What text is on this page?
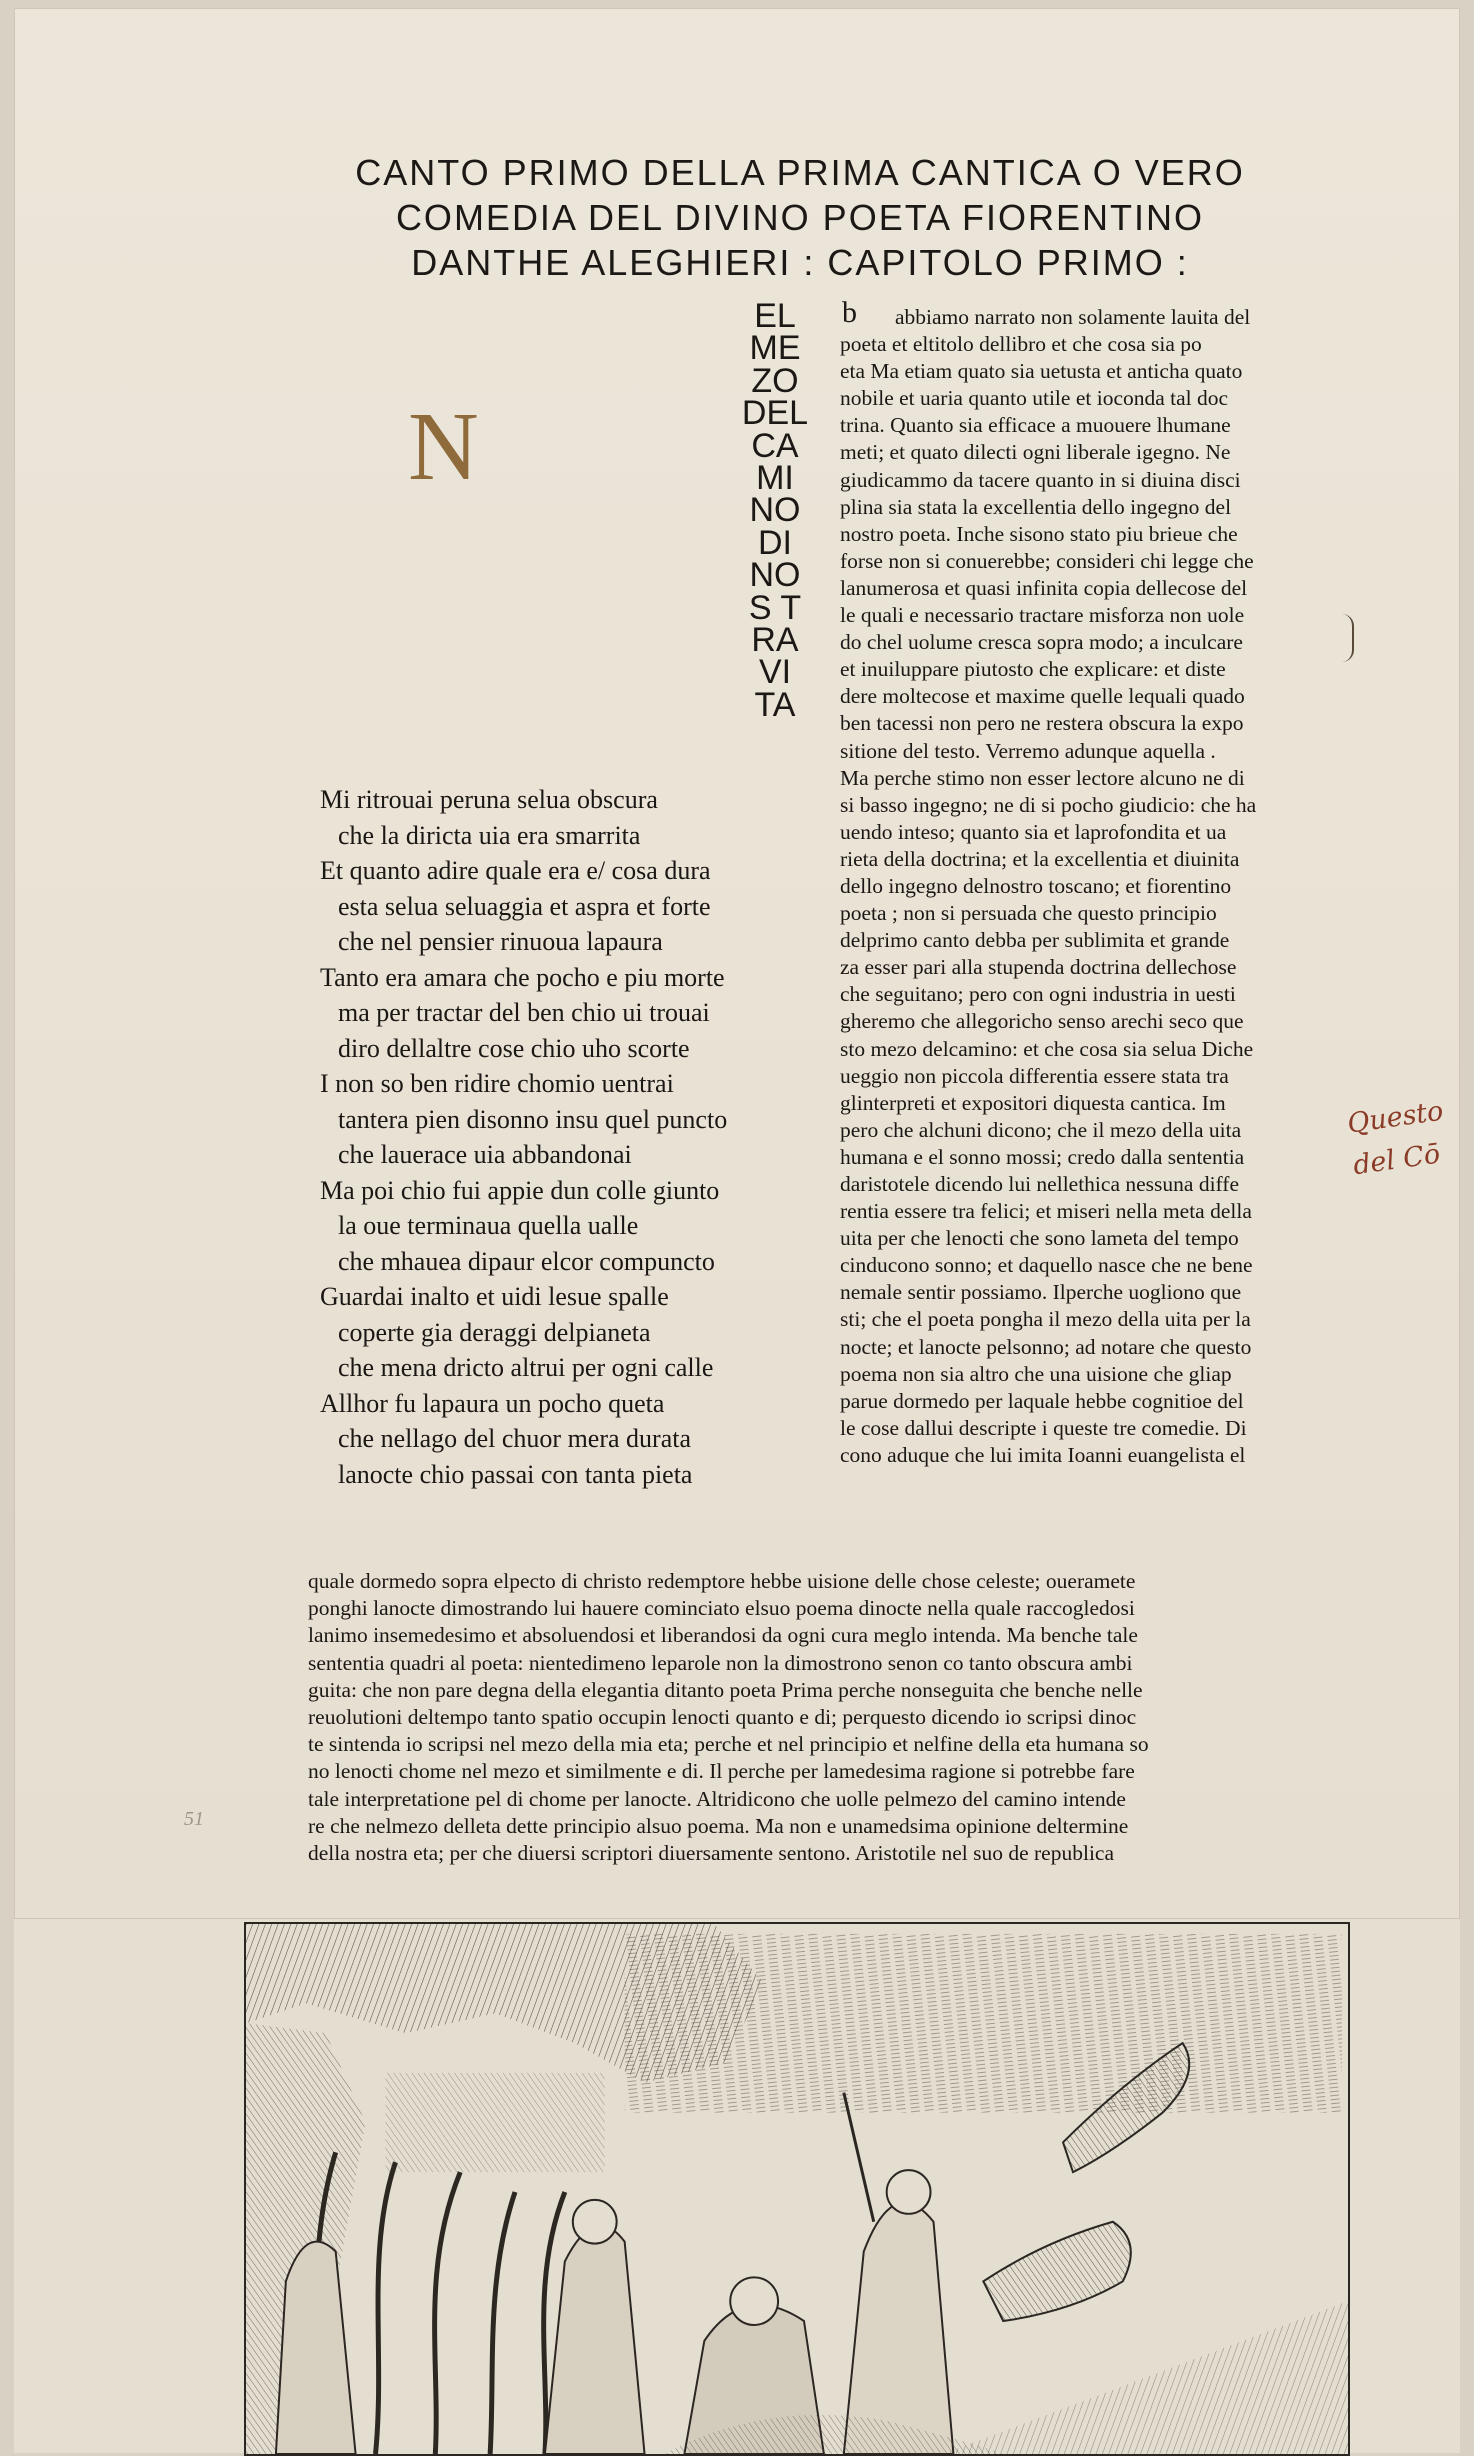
CANTO PRIMO DELLA PRIMA CANTICA O VERO
COMEDIA DEL DIVINO POETA FIORENTINO
DANTHE ALEGHIERI : CAPITOLO PRIMO :
N
EL
ME
ZO
DEL
CA
MI
NO
DI
NO
S T
RA
VI
TA
Mi ritrouai peruna selua obscura
che la diricta uia era smarrita
Et quanto adire quale era e/ cosa dura
esta selua seluaggia et aspra et forte
che nel pensier rinuoua lapaura
Tanto era amara che pocho e piu morte
ma per tractar del ben chio ui trouai
diro dellaltre cose chio uho scorte
I non so ben ridire chomio uentrai
tantera pien disonno insu quel puncto
che lauerace uia abbandonai
Ma poi chio fui appie dun colle giunto
la oue terminaua quella ualle
che mhauea dipaur elcor compuncto
Guardai inalto et uidi lesue spalle
coperte gia deraggi delpianeta
che mena dricto altrui per ogni calle
Allhor fu lapaura un pocho queta
che nellago del chuor mera durata
lanocte chio passai con tanta pieta
b	abbiamo narrato non solamente lauita del
poeta et eltitolo dellibro et che cosa sia po
eta Ma etiam quato sia uetusta et anticha quato
nobile et uaria quanto utile et ioconda tal doc
trina. Quanto sia efficace a muouere lhumane
meti; et quato dilecti ogni liberale igegno. Ne
giudicammo da tacere quanto in si diuina disci
plina sia stata la excellentia dello ingegno del
nostro poeta. Inche sisono stato piu brieue che
forse non si conuerebbe; consideri chi legge che
lanumerosa et quasi infinita copia dellecose del
le quali e necessario tractare misforza non uole
do chel uolume cresca sopra modo; a inculcare
et inuiluppare piutosto che explicare: et diste
dere moltecose et maxime quelle lequali quado
ben tacessi non pero ne restera obscura la expo
sitione del testo. Verremo adunque aquella .
Ma perche stimo non esser lectore alcuno ne di
si basso ingegno; ne di si pocho giudicio: che ha
uendo inteso; quanto sia et laprofondita et ua
rieta della doctrina; et la excellentia et diuinita
dello ingegno delnostro toscano; et fiorentino
poeta ; non si persuada che questo principio
delprimo canto debba per sublimita et grande
za esser pari alla stupenda doctrina dellechose
che seguitano; pero con ogni industria in uesti
gheremo che allegoricho senso arechi seco que
sto mezo delcamino: et che cosa sia selua Diche
ueggio non piccola differentia essere stata tra
glinterpreti et expositori diquesta cantica. Im
pero che alchuni dicono; che il mezo della uita
humana e el sonno mossi; credo dalla sententia
daristotele dicendo lui nellethica nessuna diffe
rentia essere tra felici; et miseri nella meta della
uita per che lenocti che sono lameta del tempo
cinducono sonno; et daquello nasce che ne bene
nemale sentir possiamo. Ilperche uogliono que
sti; che el poeta pongha il mezo della uita per la
nocte; et lanocte pelsonno; ad notare che questo
poema non sia altro che una uisione che gliap
parue dormedo per laquale hebbe cognitioe del
le cose dallui descripte i queste tre comedie. Di
cono aduque che lui imita Ioanni euangelista el
quale dormedo sopra elpecto di christo redemptore hebbe uisione delle chose celeste; oueramete
ponghi lanocte dimostrando lui hauere cominciato elsuo poema dinocte nella quale raccogledosi
lanimo insemedesimo et absoluendosi et liberandosi da ogni cura meglo intenda. Ma benche tale
sententia quadri al poeta: nientedimeno leparole non la dimostrono senon co tanto obscura ambi
guita: che non pare degna della elegantia ditanto poeta Prima perche nonseguita che benche nelle
reuolutioni deltempo tanto spatio occupin lenocti quanto e di; perquesto dicendo io scripsi dinoc
te sintenda io scripsi nel mezo della mia eta; perche et nel principio et nelfine della eta humana so
no lenocti chome nel mezo et similmente e di. Il perche per lamedesima ragione si potrebbe fare
tale interpretatione pel di chome per lanocte. Altridicono che uolle pelmezo del camino intende
re che nelmezo delleta dette principio alsuo poema. Ma non e unamedsima opinione deltermine
della nostra eta; per che diuersi scriptori diuersamente sentono. Aristotile nel suo de republica
Questo
del Cō
51
